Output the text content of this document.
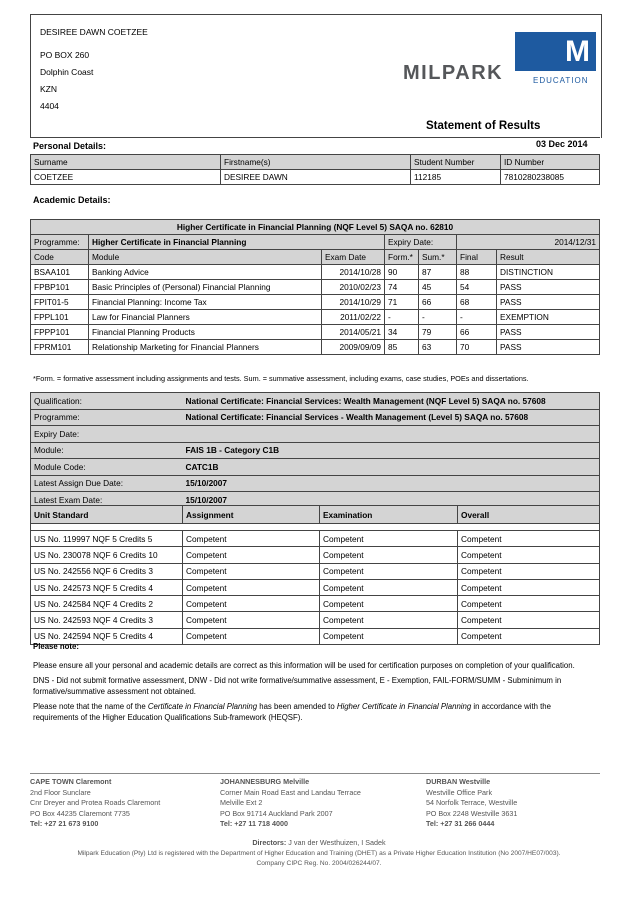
DESIREE DAWN COETZEE
PO BOX 260
Dolphin Coast
KZN
4404
MILPARK
M
EDUCATION
Statement of Results
Personal Details:	03 Dec 2014
Surname	Firstname(s)	Student Number	ID Number
COETZEE	DESIREE DAWN	112185	7810280238085
Academic Details:
Higher Certificate in Financial Planning (NQF Level 5) SAQA no. 62810						
Programme:	Higher Certificate in Financial Planning		Expiry Date:		2014/12/31	
Code	Module	Exam Date	Form.*	Sum.*	Final	Result
BSAA101	Banking Advice	2014/10/28	90	87	88	DISTINCTION
FPBP101	Basic Principles of (Personal) Financial Planning	2010/02/23	74	45	54	PASS
FPIT01-5	Financial Planning: Income Tax	2014/10/29	71	66	68	PASS
FPPL101	Law for Financial Planners	2011/02/22	-	-	-	EXEMPTION
FPPP101	Financial Planning Products	2014/05/21	34	79	66	PASS
FPRM101	Relationship Marketing for Financial Planners	2009/09/09	85	63	70	PASS
*Form. = formative assessment including assignments and tests. Sum. = summative assessment, including exams, case studies, POEs and dissertations.
Qualification:	National Certificate: Financial Services: Wealth Management (NQF Level 5) SAQA no. 57608
Programme:	National Certificate: Financial Services - Wealth Management (Level 5) SAQA no. 57608
Expiry Date:	
Module:	FAIS 1B - Category C1B
Module Code:	CATC1B
Latest Assign Due Date:	15/10/2007
Latest Exam Date:	15/10/2007
Unit Standard	Assignment	Examination	Overall

US No. 119997 NQF 5 Credits 5	Competent	Competent	Competent
US No. 230078 NQF 6 Credits 10	Competent	Competent	Competent
US No. 242556 NQF 6 Credits 3	Competent	Competent	Competent
US No. 242573 NQF 5 Credits 4	Competent	Competent	Competent
US No. 242584 NQF 4 Credits 2	Competent	Competent	Competent
US No. 242593 NQF 4 Credits 3	Competent	Competent	Competent
US No. 242594 NQF 5 Credits 4	Competent	Competent	Competent
Please note:
Please ensure all your personal and academic details are correct as this information will be used for certification purposes on completion of your qualification.
DNS - Did not submit formative assessment, DNW - Did not write formative/summative assessment, E - Exemption, FAIL-FORM/SUMM - Subminimum in formative/summative assessment not obtained.
Please note that the name of the Certificate in Financial Planning has been amended to Higher Certificate in Financial Planning in accordance with the requirements of the Higher Education Qualifications Sub-framework (HEQSF).
CAPE TOWN Claremont
2nd Floor Sunclare
Cnr Dreyer and Protea Roads Claremont
PO Box 44235 Claremont 7735
Tel: +27 21 673 9100
JOHANNESBURG Melville
Corner Main Road East and Landau Terrace
Melville Ext 2
PO Box 91714 Auckland Park 2007
Tel: +27 11 718 4000
DURBAN Westville
Westville Office Park
54 Norfolk Terrace, Westville
PO Box 2248 Westville 3631
Tel: +27 31 266 0444
Directors: J van der Westhuizen, I Sadek
Milpark Education (Pty) Ltd is registered with the Department of Higher Education and Training (DHET) as a Private Higher Education Institution (No 2007/HE07/003).
Company CIPC Reg. No. 2004/026244/07.
